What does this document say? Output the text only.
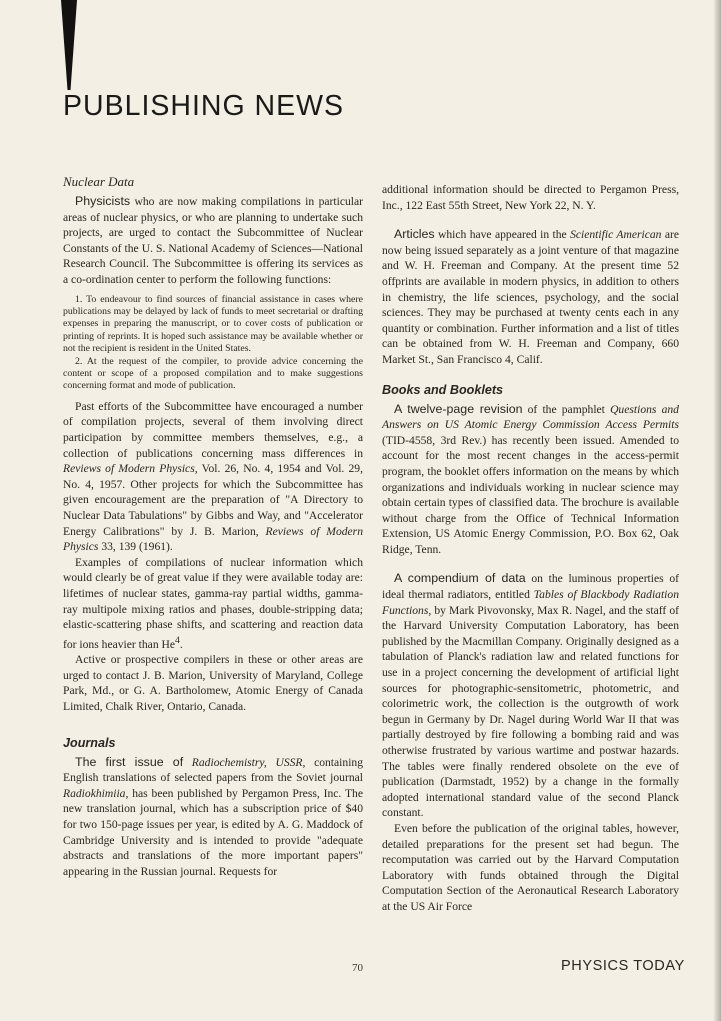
PUBLISHING NEWS
Nuclear Data

Physicists who are now making compilations in particular areas of nuclear physics, or who are planning to undertake such projects, are urged to contact the Subcommittee of Nuclear Constants of the U. S. National Academy of Sciences—National Research Council. The Subcommittee is offering its services as a co-ordination center to perform the following functions:

1. To endeavour to find sources of financial assistance in cases where publications may be delayed by lack of funds to meet secretarial or drafting expenses in preparing the manuscript, or to cover costs of publication or printing of reprints. It is hoped such assistance may be available whether or not the recipient is resident in the United States.

2. At the request of the compiler, to provide advice concerning the content or scope of a proposed compilation and to make suggestions concerning format and mode of publication.

Past efforts of the Subcommittee have encouraged a number of compilation projects, several of them involving direct participation by committee members themselves, e.g., a collection of publications concerning mass differences in Reviews of Modern Physics, Vol. 26, No. 4, 1954 and Vol. 29, No. 4, 1957. Other projects for which the Subcommittee has given encouragement are the preparation of "A Directory to Nuclear Data Tabulations" by Gibbs and Way, and "Accelerator Energy Calibrations" by J. B. Marion, Reviews of Modern Physics 33, 139 (1961).

Examples of compilations of nuclear information which would clearly be of great value if they were available today are: lifetimes of nuclear states, gamma-ray partial widths, gamma-ray multipole mixing ratios and phases, double-stripping data; elastic-scattering phase shifts, and scattering and reaction data for ions heavier than He$^4$.

Active or prospective compilers in these or other areas are urged to contact J. B. Marion, University of Maryland, College Park, Md., or G. A. Bartholomew, Atomic Energy of Canada Limited, Chalk River, Ontario, Canada.

Journals

The first issue of Radiochemistry, USSR, containing English translations of selected papers from the Soviet journal Radiokhimiia, has been published by Pergamon Press, Inc. The new translation journal, which has a subscription price of $40 for two 150-page issues per year, is edited by A. G. Maddock of Cambridge University and is intended to provide "adequate abstracts and translations of the more important papers" appearing in the Russian journal. Requests for

additional information should be directed to Pergamon Press, Inc., 122 East 55th Street, New York 22, N. Y.

Articles which have appeared in the Scientific American are now being issued separately as a joint venture of that magazine and W. H. Freeman and Company. At the present time 52 offprints are available in modern physics, in addition to others in chemistry, the life sciences, psychology, and the social sciences. They may be purchased at twenty cents each in any quantity or combination. Further information and a list of titles can be obtained from W. H. Freeman and Company, 660 Market St., San Francisco 4, Calif.

Books and Booklets

A twelve-page revision of the pamphlet Questions and Answers on US Atomic Energy Commission Access Permits (TID-4558, 3rd Rev.) has recently been issued. Amended to account for the most recent changes in the access-permit program, the booklet offers information on the means by which organizations and individuals working in nuclear science may obtain certain types of classified data. The brochure is available without charge from the Office of Technical Information Extension, US Atomic Energy Commission, P.O. Box 62, Oak Ridge, Tenn.

A compendium of data on the luminous properties of ideal thermal radiators, entitled Tables of Blackbody Radiation Functions, by Mark Pivovonsky, Max R. Nagel, and the staff of the Harvard University Computation Laboratory, has been published by the Macmillan Company. Originally designed as a tabulation of Planck's radiation law and related functions for use in a project concerning the development of artificial light sources for photographic-sensitometric, photometric, and colorimetric work, the collection is the outgrowth of work begun in Germany by Dr. Nagel during World War II that was partially destroyed by fire following a bombing raid and was otherwise frustrated by various wartime and postwar hazards. The tables were finally rendered obsolete on the eve of publication (Darmstadt, 1952) by a change in the formally adopted international standard value of the second Planck constant.

Even before the publication of the original tables, however, detailed preparations for the present set had begun. The recomputation was carried out by the Harvard Computation Laboratory with funds obtained through the Digital Computation Section of the Aeronautical Research Laboratory at the US Air Force

70	PHYSICS TODAY
